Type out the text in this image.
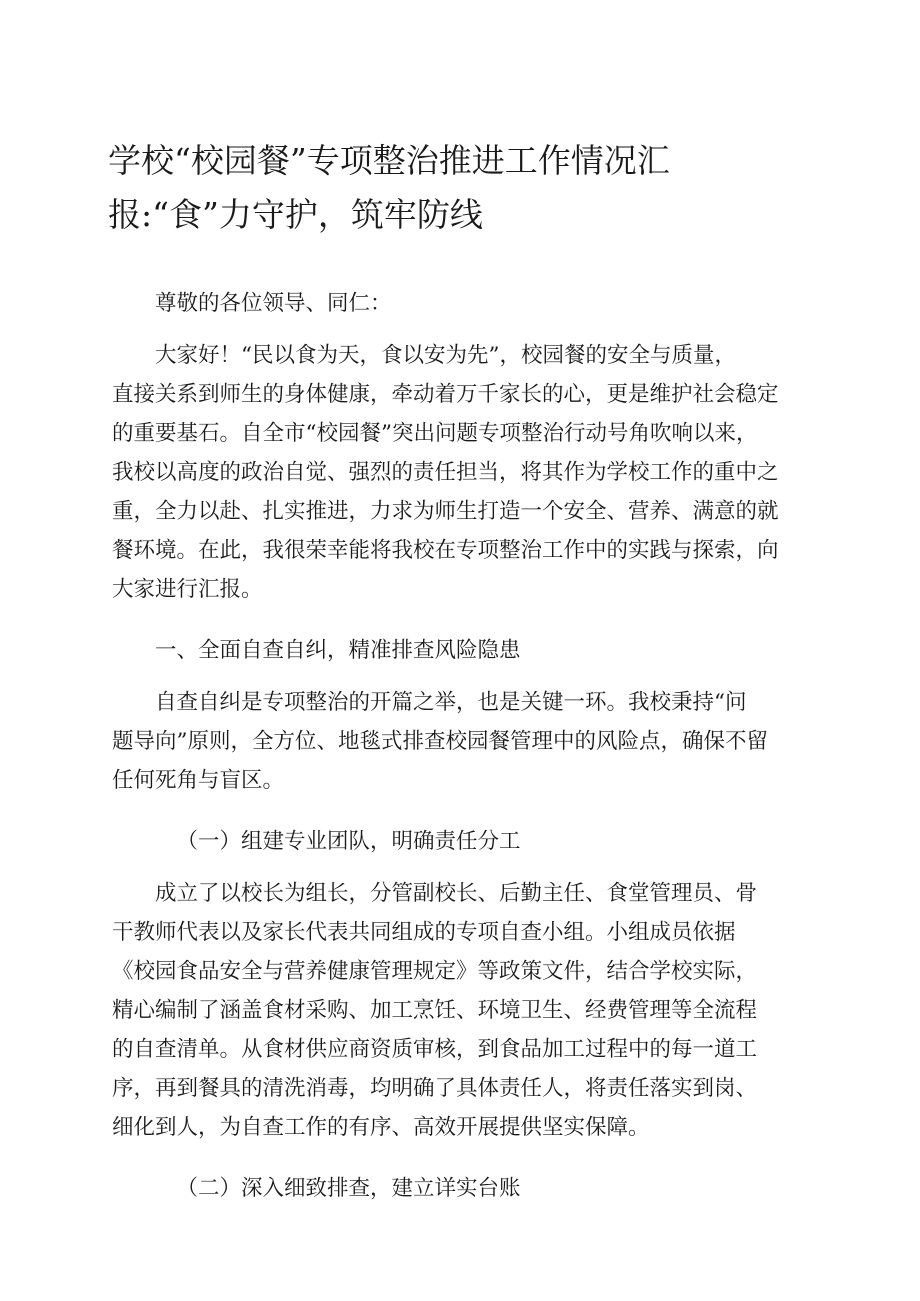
学校“校园餐”专项整治推进工作情况汇
报:“食”力守护，筑牢防线

尊敬的各位领导、同仁：

大家好！“民以食为天，食以安为先”，校园餐的安全与质量，
直接关系到师生的身体健康，牵动着万千家长的心，更是维护社会稳定
的重要基石。自全市“校园餐”突出问题专项整治行动号角吹响以来，
我校以高度的政治自觉、强烈的责任担当，将其作为学校工作的重中之
重，全力以赴、扎实推进，力求为师生打造一个安全、营养、满意的就
餐环境。在此，我很荣幸能将我校在专项整治工作中的实践与探索，向
大家进行汇报。

一、全面自查自纠，精准排查风险隐患

自查自纠是专项整治的开篇之举，也是关键一环。我校秉持“问
题导向”原则，全方位、地毯式排查校园餐管理中的风险点，确保不留
任何死角与盲区。

（一）组建专业团队，明确责任分工

成立了以校长为组长，分管副校长、后勤主任、食堂管理员、骨
干教师代表以及家长代表共同组成的专项自查小组。小组成员依据
《校园食品安全与营养健康管理规定》等政策文件，结合学校实际，
精心编制了涵盖食材采购、加工烹饪、环境卫生、经费管理等全流程
的自查清单。从食材供应商资质审核，到食品加工过程中的每一道工
序，再到餐具的清洗消毒，均明确了具体责任人，将责任落实到岗、
细化到人，为自查工作的有序、高效开展提供坚实保障。

（二）深入细致排查，建立详实台账
